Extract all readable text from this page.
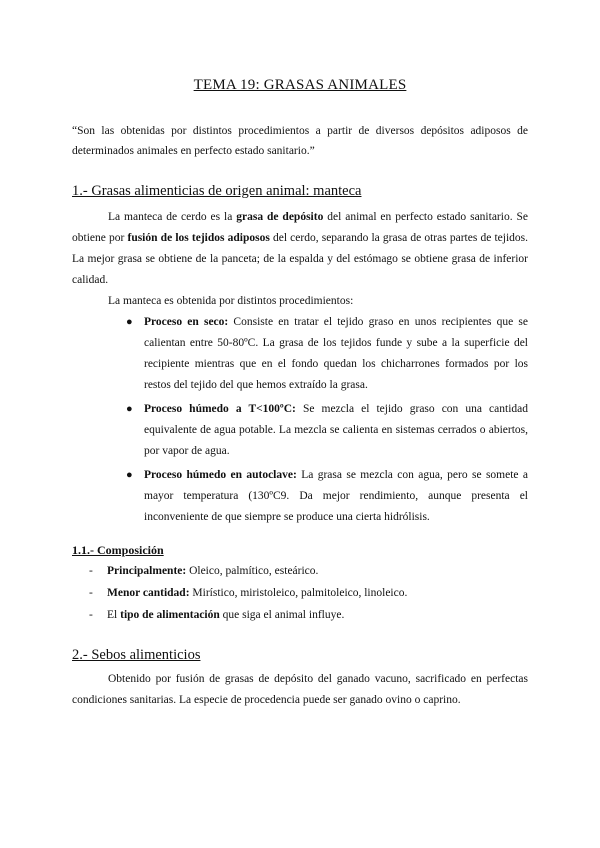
TEMA 19: GRASAS ANIMALES
“Son las obtenidas por distintos procedimientos a partir de diversos depósitos adiposos de determinados animales en perfecto estado sanitario.”
1.- Grasas alimenticias de origen animal: manteca
La manteca de cerdo es la grasa de depósito del animal en perfecto estado sanitario. Se obtiene por fusión de los tejidos adiposos del cerdo, separando la grasa de otras partes de tejidos. La mejor grasa se obtiene de la panceta; de la espalda y del estómago se obtiene grasa de inferior calidad.
La manteca es obtenida por distintos procedimientos:
● Proceso en seco: Consiste en tratar el tejido graso en unos recipientes que se calientan entre 50-80ºC. La grasa de los tejidos funde y sube a la superficie del recipiente mientras que en el fondo quedan los chicharrones formados por los restos del tejido del que hemos extraído la grasa.
● Proceso húmedo a T<100ºC: Se mezcla el tejido graso con una cantidad equivalente de agua potable. La mezcla se calienta en sistemas cerrados o abiertos, por vapor de agua.
● Proceso húmedo en autoclave: La grasa se mezcla con agua, pero se somete a mayor temperatura (130ºC9. Da mejor rendimiento, aunque presenta el inconveniente de que siempre se produce una cierta hidrólisis.
1.1.- Composición
- Principalmente: Oleico, palmítico, esteárico.
- Menor cantidad: Mirístico, miristoleico, palmitoleico, linoleico.
- El tipo de alimentación que siga el animal influye.
2.- Sebos alimenticios
Obtenido por fusión de grasas de depósito del ganado vacuno, sacrificado en perfectas condiciones sanitarias. La especie de procedencia puede ser ganado ovino o caprino.
